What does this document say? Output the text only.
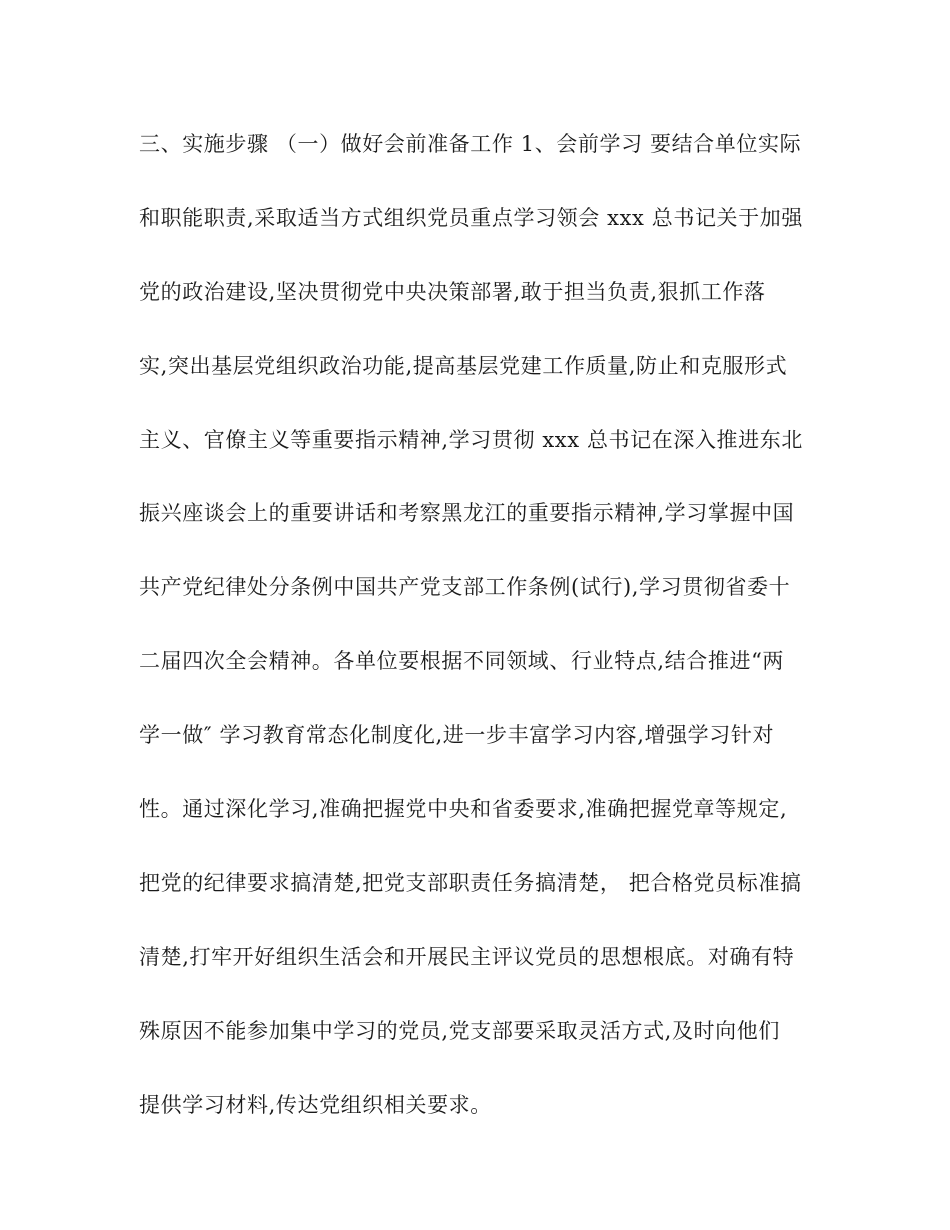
三、实施步骤 （一）做好会前准备工作 1、会前学习 要结合单位实际
和职能职责,采取适当方式组织党员重点学习领会 xxx 总书记关于加强
党的政治建设,坚决贯彻党中央决策部署,敢于担当负责,狠抓工作落
实,突出基层党组织政治功能,提高基层党建工作质量,防止和克服形式
主义、官僚主义等重要指示精神,学习贯彻 xxx 总书记在深入推进东北
振兴座谈会上的重要讲话和考察黑龙江的重要指示精神,学习掌握中国
共产党纪律处分条例中国共产党支部工作条例(试行),学习贯彻省委十
二届四次全会精神。各单位要根据不同领域、行业特点,结合推进“两
学一做″ 学习教育常态化制度化,进一步丰富学习内容,增强学习针对
性。通过深化学习,准确把握党中央和省委要求,准确把握党章等规定,
把党的纪律要求搞清楚,把党支部职责任务搞清楚， 把合格党员标准搞
清楚,打牢开好组织生活会和开展民主评议党员的思想根底。对确有特
殊原因不能参加集中学习的党员,党支部要采取灵活方式,及时向他们
提供学习材料,传达党组织相关要求。
